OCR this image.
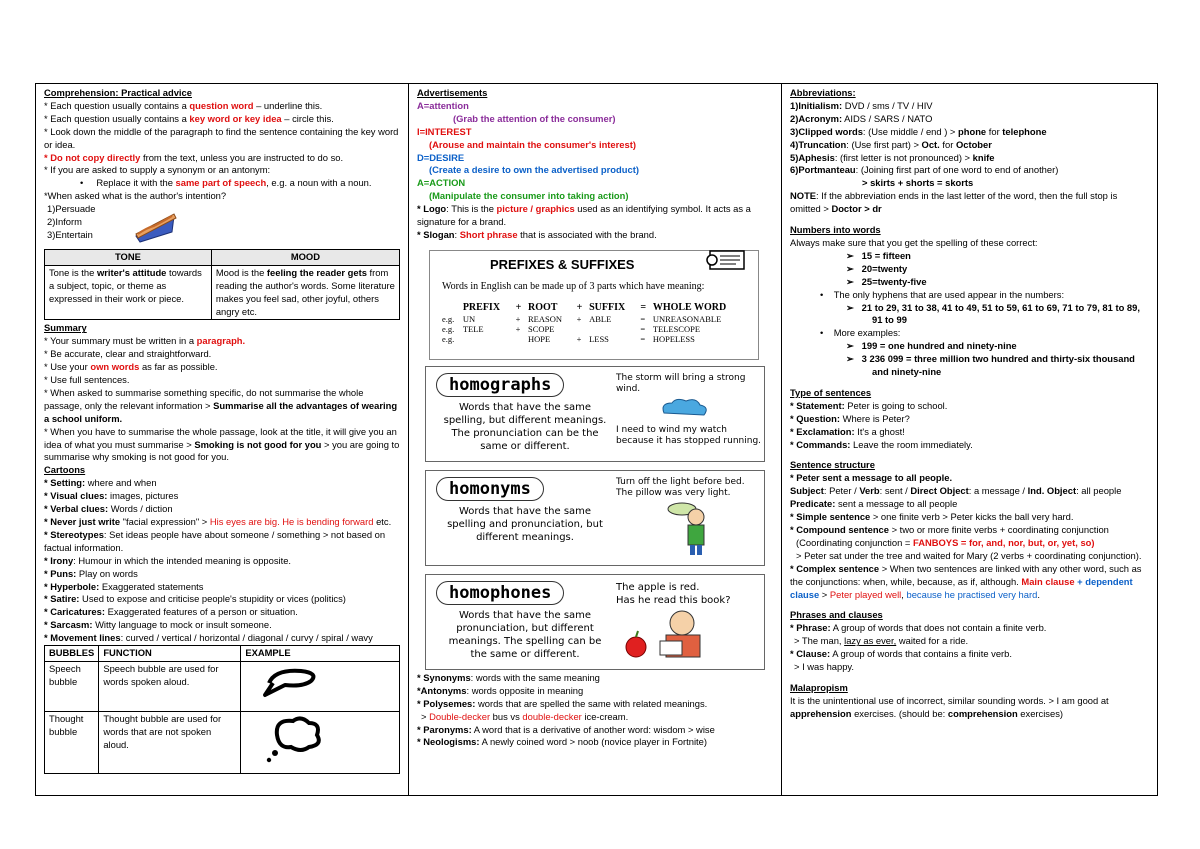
Comprehension: Practical advice

* Each question usually contains a question word – underline this.

* Each question usually contains a key word or key idea – circle this.

* Look down the middle of the paragraph to find the sentence containing the key word or idea.

* Do not copy directly from the text, unless you are instructed to do so.

* If you are asked to supply a synonym or an antonym:

•     Replace it with the same part of speech, e.g. a noun with a noun.

*When asked what is the author's intention?

1)Persuade

2)Inform

3)Entertain

TONE	MOOD
Tone is the writer's attitude towards a subject, topic, or theme as expressed in their work or piece.	Mood is the feeling the reader gets from reading the author's words. Some literature makes you feel sad, other joyful, others angry etc.

Summary

* Your summary must be written in a paragraph.

* Be accurate, clear and straightforward.

* Use your own words as far as possible.

* Use full sentences.

* When asked to summarise something specific, do not summarise the whole passage, only the relevant information > Summarise all the advantages of wearing a school uniform.

* When you have to summarise the whole passage, look at the title, it will give you an idea of what you must summarise > Smoking is not good for you > you are going to summarise why smoking is not good for you.

Cartoons

* Setting: where and when

* Visual clues: images, pictures

* Verbal clues: Words / diction

* Never just write "facial expression" > His eyes are big. He is bending forward etc.

* Stereotypes: Set ideas people have about someone / something > not based on factual information.

* Irony: Humour in which the intended meaning is opposite.

* Puns: Play on words

* Hyperbole: Exaggerated statements

* Satire: Used to expose and criticise people's stupidity or vices (politics)

* Caricatures: Exaggerated features of a person or situation.

* Sarcasm: Witty language to mock or insult someone.

* Movement lines: curved / vertical / horizontal / diagonal / curvy / spiral / wavy

BUBBLES	FUNCTION	EXAMPLE
Speech bubble	Speech bubble are used for words spoken aloud.	
Thought bubble	Thought bubble are used for words that are not spoken aloud.	

Advertisements

A=attention

(Grab the attention of the consumer)

I=INTEREST

(Arouse and maintain the consumer's interest)

D=DESIRE

(Create a desire to own the advertised product)

A=ACTION

(Manipulate the consumer into taking action)

* Logo: This is the picture / graphics used as an identifying symbol. It acts as a signature for a brand.

* Slogan: Short phrase that is associated with the brand.

PREFIXES & SUFFIXES
Words in English can be made up of 3 parts which have meaning:
	PREFIX	+	ROOT	+	SUFFIX	=	WHOLE WORD
e.g.	UN	+	REASON	+	ABLE	=	UNREASONABLE
e.g.	TELE	+	SCOPE			=	TELESCOPE
e.g.			HOPE	+	LESS	=	HOPELESS
homographs
Words that have the same spelling, but different meanings. The pronunciation can be the same or different.
The storm will bring a strong wind.
I need to wind my watch because it has stopped running.
homonyms
Words that have the same spelling and pronunciation, but different meanings.
Turn off the light before bed.
The pillow was very light.
homophones
Words that have the same pronunciation, but different meanings. The spelling can be the same or different.
The apple is red.
Has he read this book?

* Synonyms: words with the same meaning

*Antonyms: words opposite in meaning

* Polysemes: words that are spelled the same with related meanings.

> Double-decker bus vs double-decker ice-cream.

* Paronyms: A word that is a derivative of another word: wisdom > wise

* Neologisms: A newly coined word > noob (novice player in Fortnite)

Abbreviations:

1)Initialism: DVD / sms / TV / HIV

2)Acronym: AIDS / SARS / NATO

3)Clipped words: (Use middle / end ) > phone for telephone

4)Truncation: (Use first part) > Oct. for October

5)Aphesis: (first letter is not pronounced) > knife

6)Portmanteau: (Joining first part of one word to end of another)

> skirts + shorts = skorts

NOTE: If the abbreviation ends in the last letter of the word, then the full stop is omitted > Doctor > dr

Numbers into words

Always make sure that you get the spelling of these correct:

➢   15 = fifteen

➢   20=twenty

➢   25=twenty-five

•    The only hyphens that are used appear in the numbers:

➢   21 to 29, 31 to 38, 41 to 49, 51 to 59, 61 to 69, 71 to 79, 81 to 89, 91 to 99

•    More examples:

➢   199 = one hundred and ninety-nine

➢   3 236 099 = three million two hundred and thirty-six thousand and ninety-nine

Type of sentences

* Statement: Peter is going to school.

* Question: Where is Peter?

* Exclamation: It's a ghost!

* Commands: Leave the room immediately.

Sentence structure

* Peter sent a message to all people.

Subject: Peter / Verb: sent / Direct Object: a message / Ind. Object: all people

Predicate: sent a message to all people

* Simple sentence > one finite verb > Peter kicks the ball very hard.

* Compound sentence > two or more finite verbs + coordinating conjunction

(Coordinating conjunction = FANBOYS = for, and, nor, but, or, yet, so)

> Peter sat under the tree and waited for Mary (2 verbs + coordinating conjunction).

* Complex sentence > When two sentences are linked with any other word, such as the conjunctions: when, while, because, as if, although. Main clause + dependent clause > Peter played well, because he practised very hard.

Phrases and clauses

* Phrase: A group of words that does not contain a finite verb.

> The man, lazy as ever, waited for a ride.

* Clause: A group of words that contains a finite verb.

> I was happy.

Malapropism

It is the unintentional use of incorrect, similar sounding words. > I am good at apprehension exercises. (should be: comprehension exercises)
